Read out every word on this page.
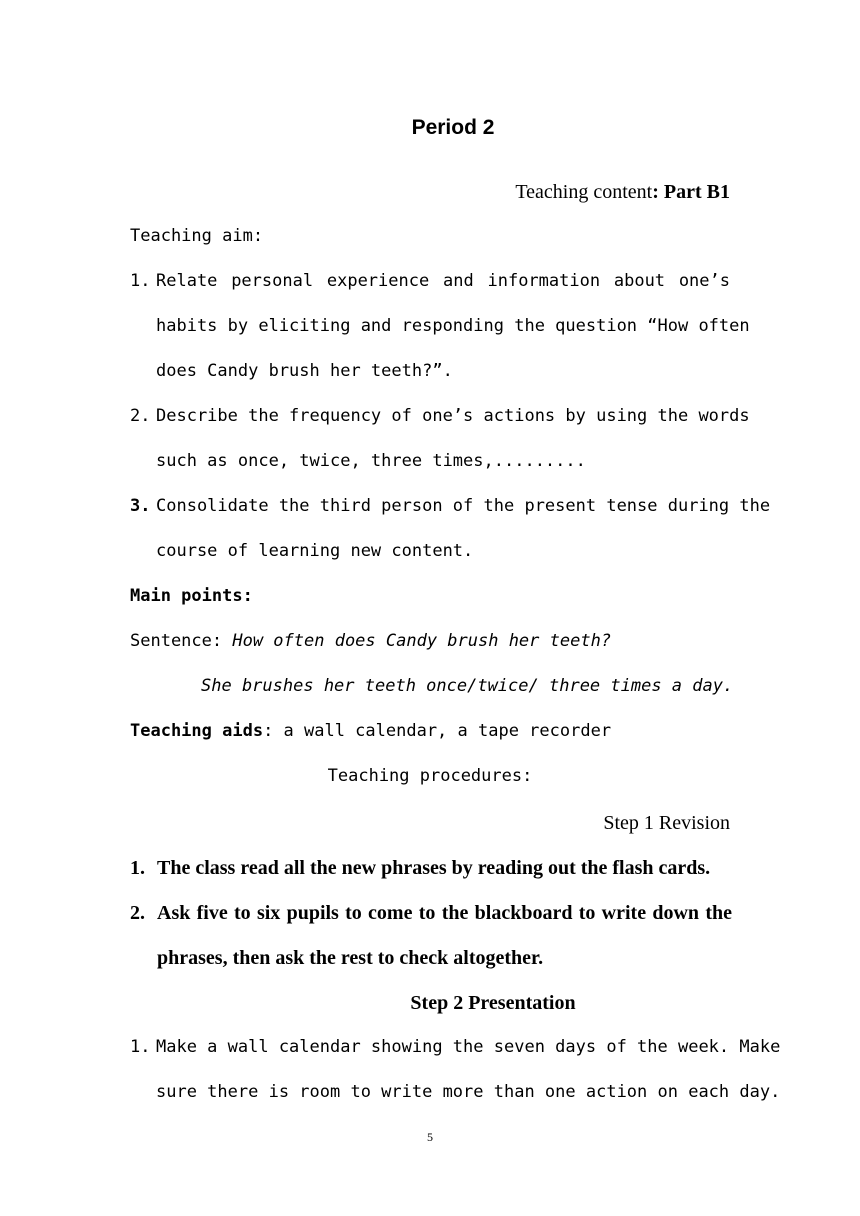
Period 2
Teaching content: Part B1
Teaching aim:
1. Relate personal experience and information about one’s
habits by eliciting and responding the question “How often
does Candy brush her teeth?”.
2. Describe the frequency of one’s actions by using the words
such as once, twice, three times,.........
3. Consolidate the third person of the present tense during the
course of learning new content.
Main points:
Sentence: How often does Candy brush her teeth?
She brushes her teeth once/twice/ three times a day.
Teaching aids: a wall calendar, a tape recorder
Teaching procedures:
Step 1 Revision
1. The class read all the new phrases by reading out the flash cards.
2. Ask five to six pupils to come to the blackboard to write down the
phrases, then ask the rest to check altogether.
Step 2 Presentation
1. Make a wall calendar showing the seven days of the week. Make
sure there is room to write more than one action on each day.
5
